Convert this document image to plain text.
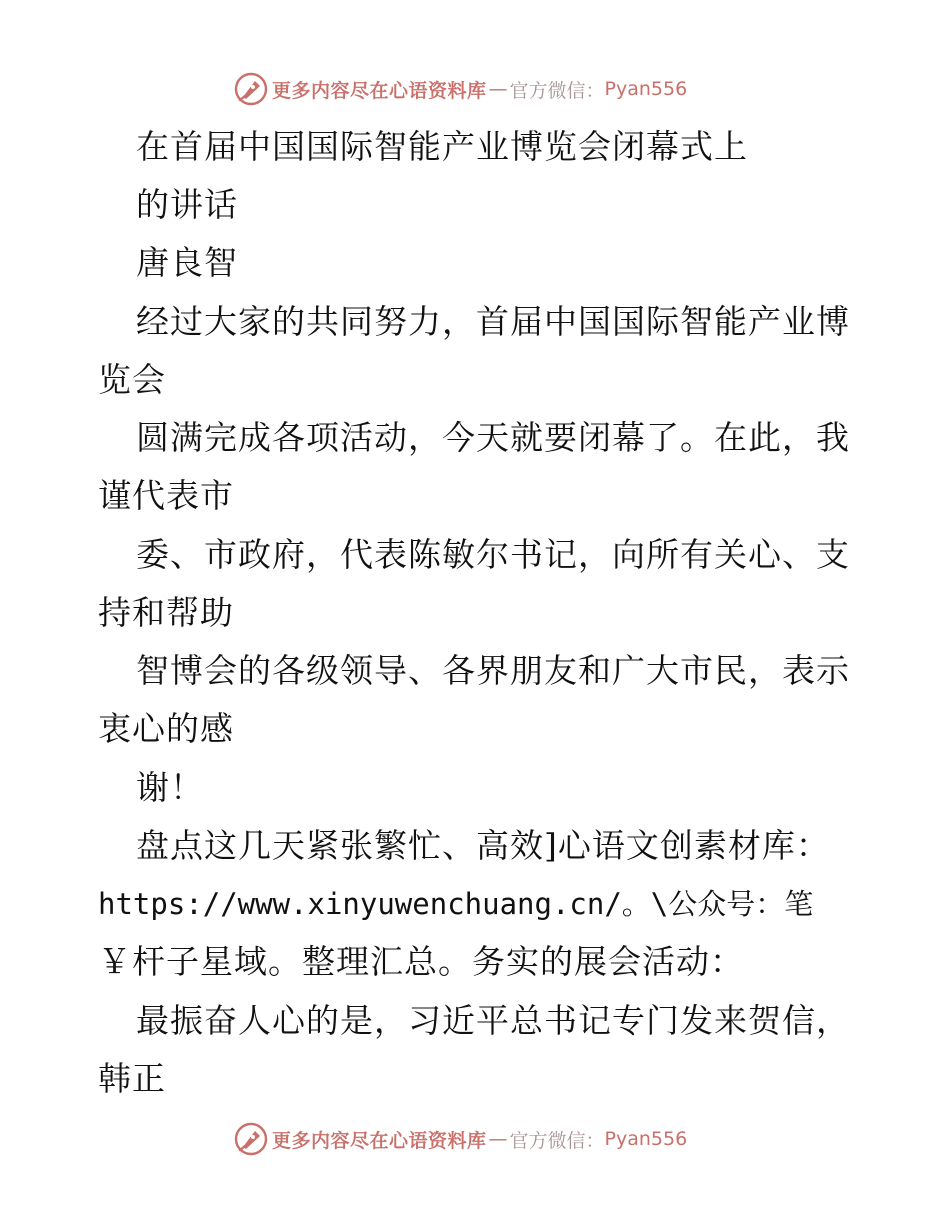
更多内容尽在心语资料库 — 官方微信： Pyan556

在首届中国国际智能产业博览会闭幕式上

的讲话

唐良智

经过大家的共同努力，首届中国国际智能产业博

览会

圆满完成各项活动，今天就要闭幕了。在此，我

谨代表市

委、市政府，代表陈敏尔书记，向所有关心、支

持和帮助

智博会的各级领导、各界朋友和广大市民，表示

衷心的感

谢！

盘点这几天紧张繁忙、高效]心语文创素材库：

https://www.xinyuwenchuang.cn/。\公众号：笔

￥杆子星域。整理汇总。务实的展会活动：

最振奋人心的是，习近平总书记专门发来贺信，

韩正

更多内容尽在心语资料库 — 官方微信： Pyan556
